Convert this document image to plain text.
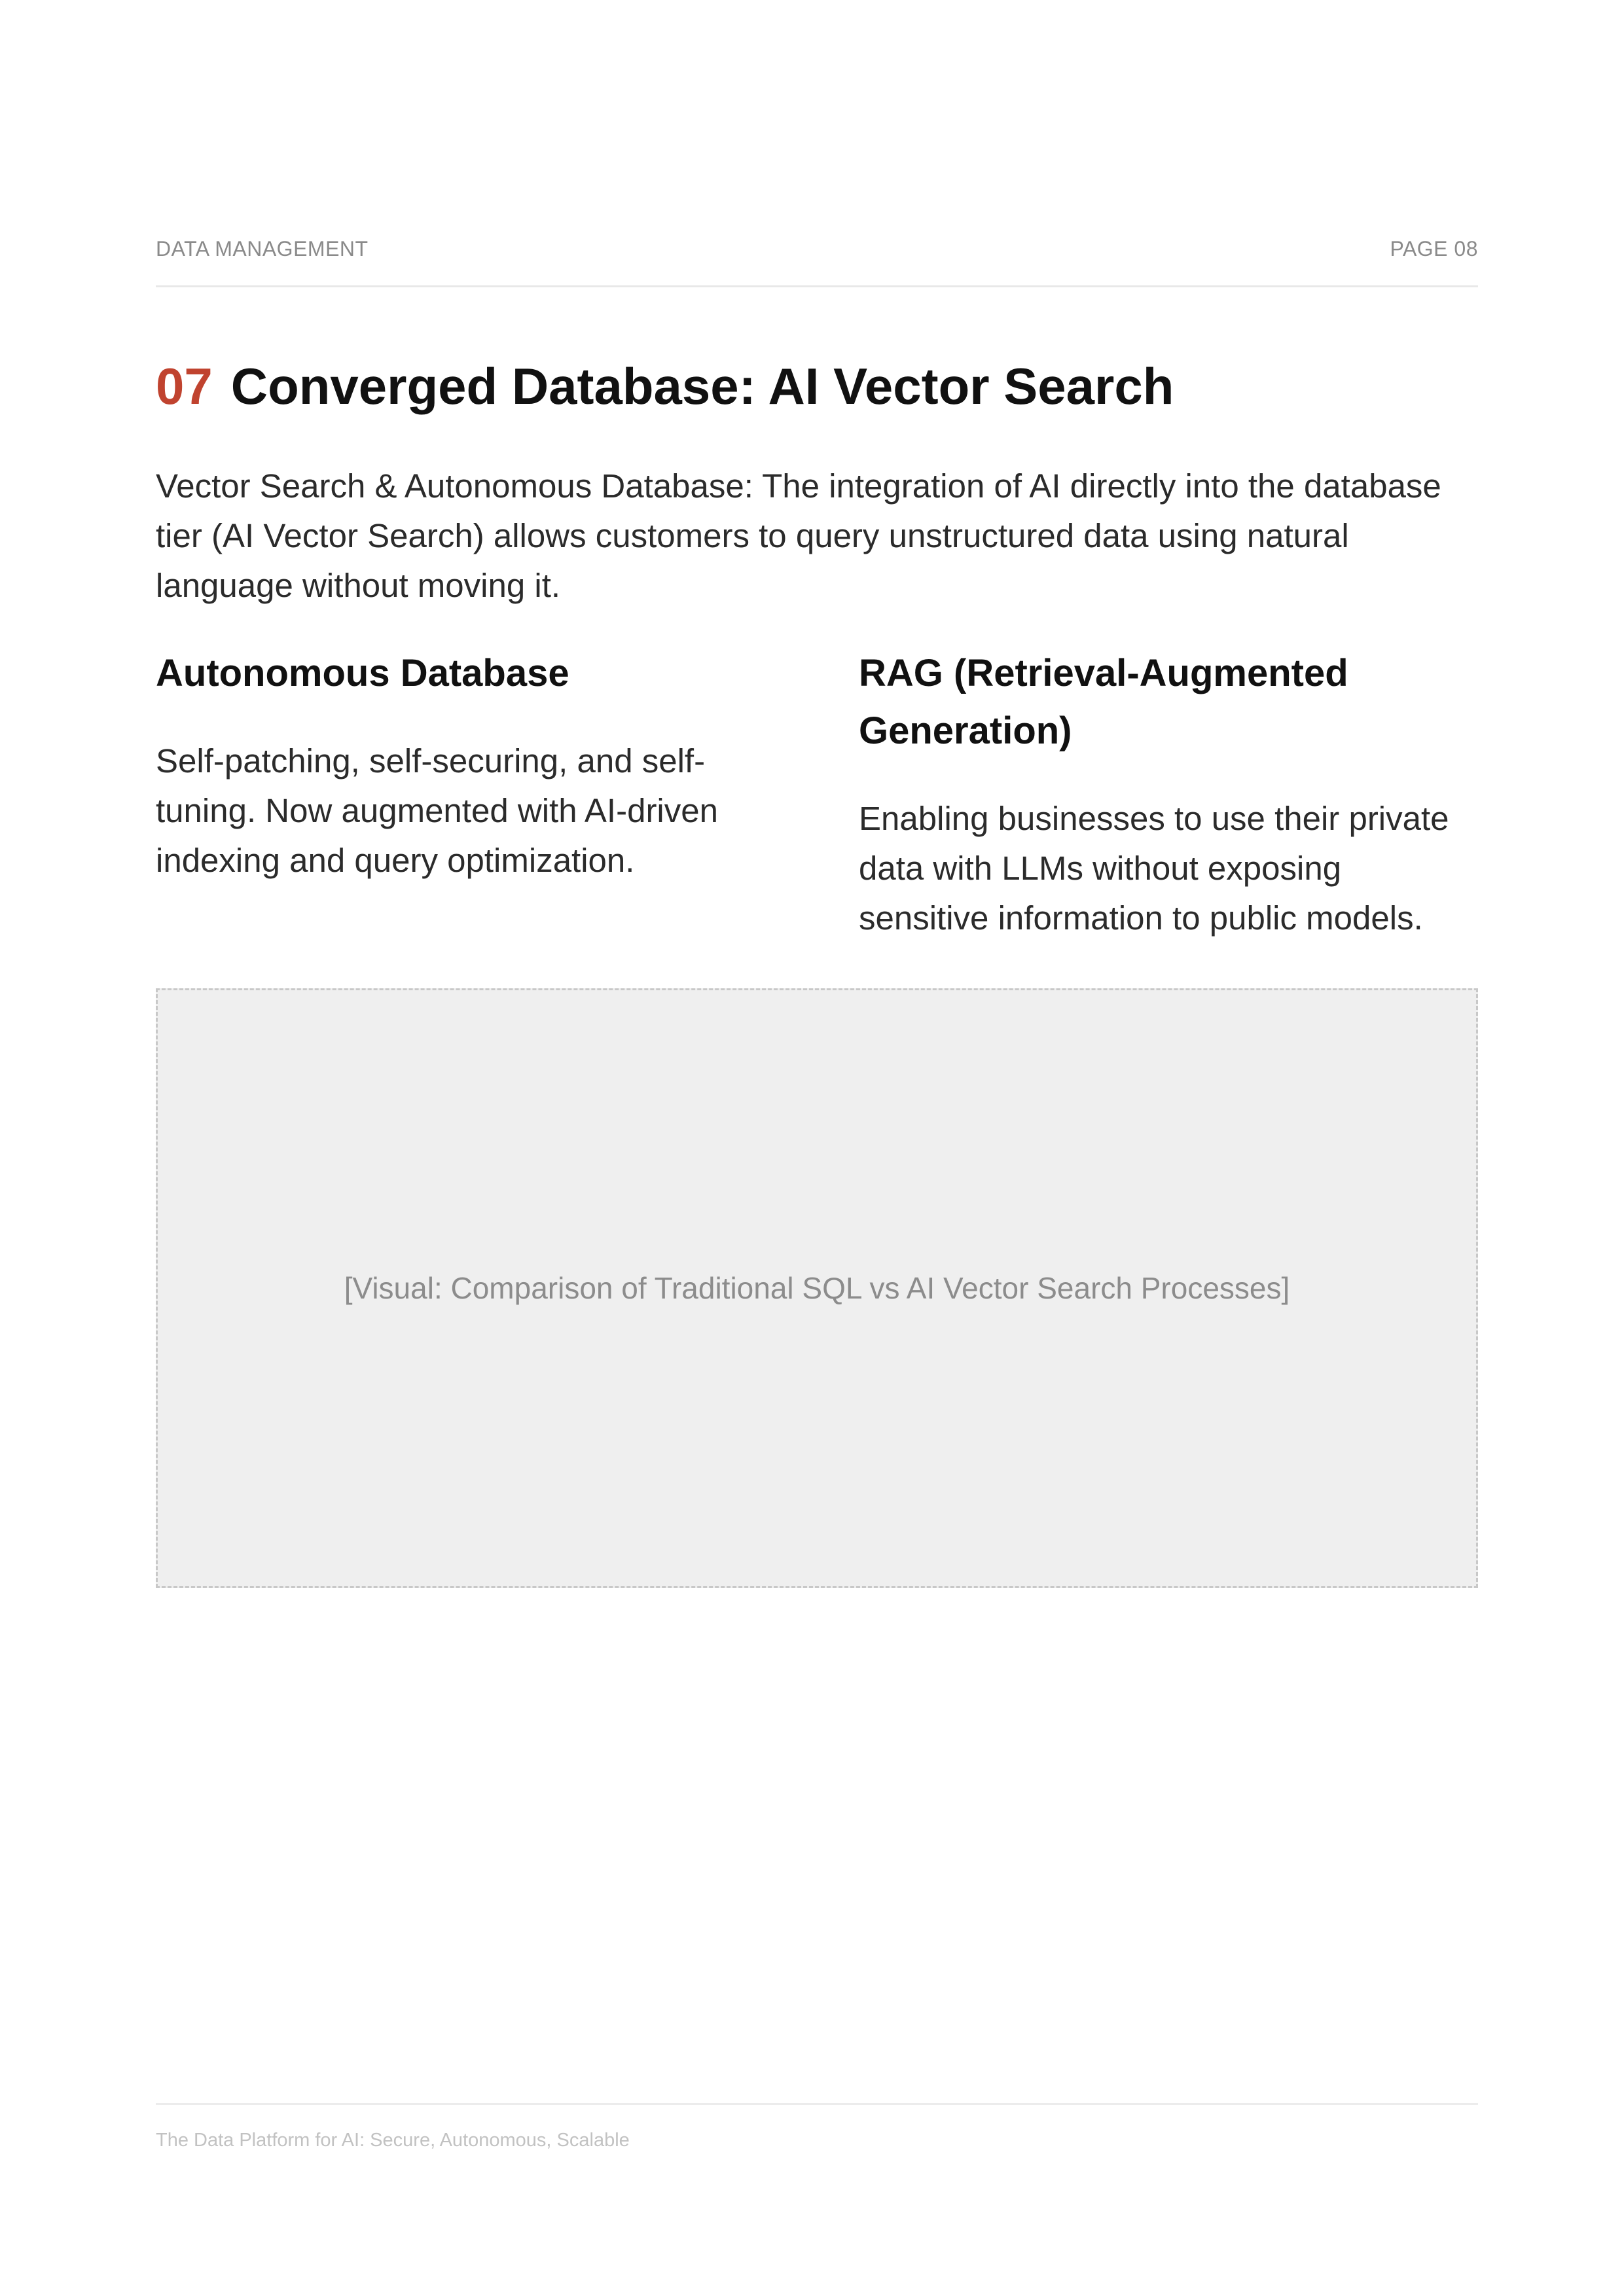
DATA MANAGEMENT	PAGE 08
07 Converged Database: AI Vector Search

Vector Search & Autonomous Database: The integration of AI directly into the database tier (AI Vector Search) allows customers to query unstructured data using natural language without moving it.

Autonomous Database

Self-patching, self-securing, and self-tuning. Now augmented with AI-driven indexing and query optimization.

RAG (Retrieval-Augmented Generation)

Enabling businesses to use their private data with LLMs without exposing sensitive information to public models.

[Visual: Comparison of Traditional SQL vs AI Vector Search Processes]
The Data Platform for AI: Secure, Autonomous, Scalable
